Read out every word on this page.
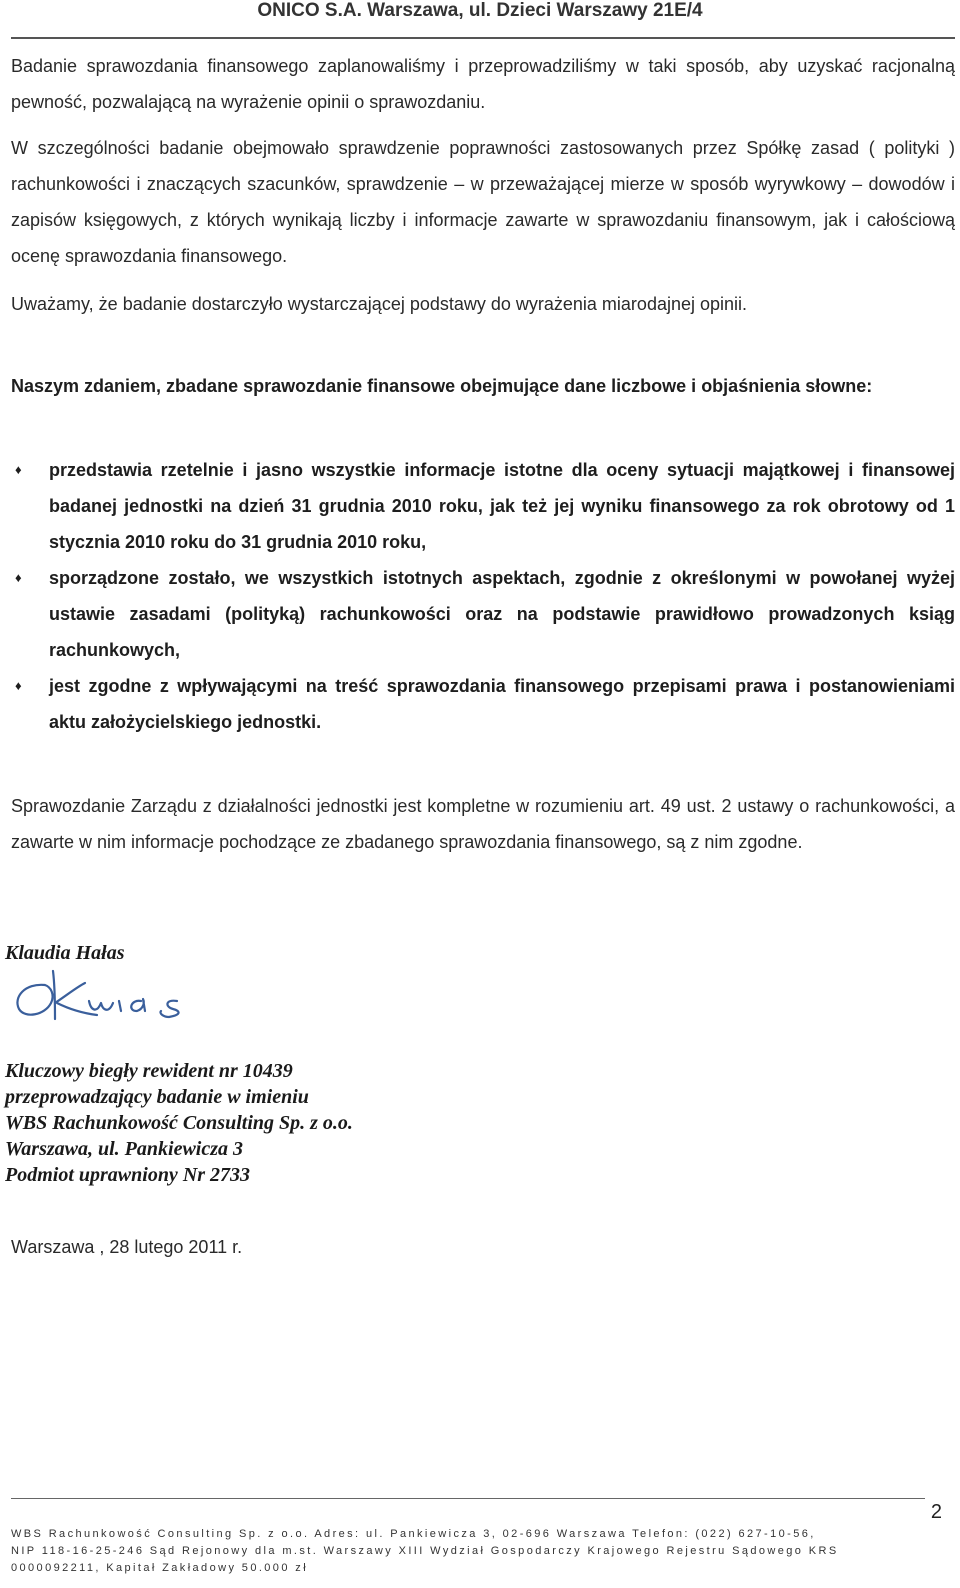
ONICO S.A. Warszawa, ul. Dzieci Warszawy 21E/4

Badanie sprawozdania finansowego zaplanowaliśmy i przeprowadziliśmy w taki sposób, aby uzyskać racjonalną pewność, pozwalającą na wyrażenie opinii o sprawozdaniu.

W szczególności badanie obejmowało sprawdzenie poprawności zastosowanych przez Spółkę zasad ( polityki ) rachunkowości i znaczących szacunków, sprawdzenie – w przeważającej mierze w sposób wyrywkowy – dowodów i zapisów księgowych, z których wynikają liczby i informacje zawarte w sprawozdaniu finansowym, jak i całościową ocenę sprawozdania finansowego.

Uważamy, że badanie dostarczyło wystarczającej podstawy do wyrażenia miarodajnej opinii.

Naszym zdaniem, zbadane sprawozdanie finansowe obejmujące dane liczbowe i objaśnienia słowne:

♦ przedstawia rzetelnie i jasno wszystkie informacje istotne dla oceny sytuacji majątkowej i finansowej badanej jednostki na dzień 31 grudnia 2010 roku, jak też jej wyniku finansowego za rok obrotowy od 1 stycznia 2010 roku do 31 grudnia 2010 roku,
♦ sporządzone zostało, we wszystkich istotnych aspektach, zgodnie z określonymi w powołanej wyżej ustawie zasadami (polityką) rachunkowości oraz na podstawie prawidłowo prowadzonych ksiąg rachunkowych,
♦ jest zgodne z wpływającymi na treść sprawozdania finansowego przepisami prawa i postanowieniami aktu założycielskiego jednostki.

Sprawozdanie Zarządu z działalności jednostki jest kompletne w rozumieniu art. 49 ust. 2 ustawy o rachunkowości, a zawarte w nim informacje pochodzące ze zbadanego sprawozdania finansowego, są z nim zgodne.

Klaudia Hałas
Kluczowy biegły rewident nr 10439
przeprowadzający badanie w imieniu
WBS Rachunkowość Consulting Sp. z o.o.
Warszawa, ul. Pankiewicza 3
Podmiot uprawniony Nr 2733
Warszawa , 28 lutego 2011 r.
2
WBS Rachunkowość Consulting Sp. z o.o. Adres: ul. Pankiewicza 3, 02-696 Warszawa Telefon: (022) 627-10-56,
NIP 118-16-25-246 Sąd Rejonowy dla m.st. Warszawy XIII Wydział Gospodarczy Krajowego Rejestru Sądowego KRS
0000092211, Kapitał Zakładowy 50.000 zł
